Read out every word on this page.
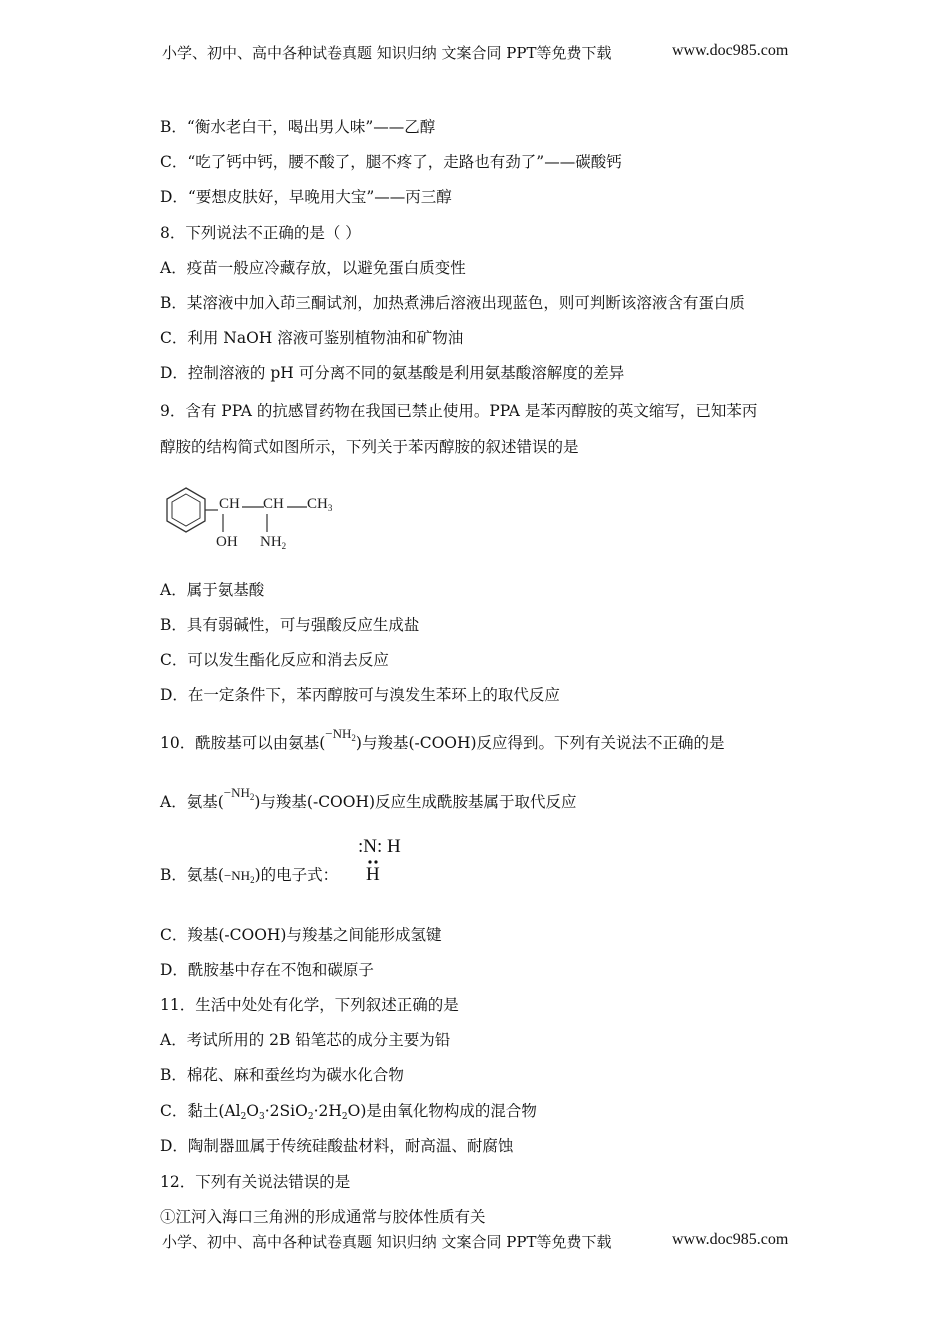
小学、初中、高中各种试卷真题 知识归纳 文案合同 PPT等免费下载	www.doc985.com
B．“衡水老白干，喝出男人味”——乙醇
C．“吃了钙中钙，腰不酸了，腿不疼了，走路也有劲了”——碳酸钙
D．“要想皮肤好，早晚用大宝”——丙三醇
8．下列说法不正确的是（ ）
A．疫苗一般应冷藏存放，以避免蛋白质变性
B．某溶液中加入茚三酮试剂，加热煮沸后溶液出现蓝色，则可判断该溶液含有蛋白质
C．利用 NaOH 溶液可鉴别植物油和矿物油
D．控制溶液的 pH 可分离不同的氨基酸是利用氨基酸溶解度的差异
9．含有 PPA 的抗感冒药物在我国已禁止使用。PPA 是苯丙醇胺的英文缩写，已知苯丙
醇胺的结构简式如图所示，下列关于苯丙醇胺的叙述错误的是
CH CH $CH_3$
OH $NH_2$
A．属于氨基酸
B．具有弱碱性，可与强酸反应生成盐
C．可以发生酯化反应和消去反应
D．在一定条件下，苯丙醇胺可与溴发生苯环上的取代反应
10．酰胺基可以由氨基($^{-NH_2}$)与羧基(-COOH)反应得到。下列有关说法不正确的是
A．氨基($^{-NH_2}$)与羧基(-COOH)反应生成酰胺基属于取代反应
B．氨基$(-NH_2)$的电子式：
:N: H
H
C．羧基(-COOH)与羧基之间能形成氢键
D．酰胺基中存在不饱和碳原子
11．生活中处处有化学，下列叙述正确的是
A．考试所用的 2B 铅笔芯的成分主要为铅
B．棉花、麻和蚕丝均为碳水化合物
C．黏土$(Al_2O_3\cdot 2SiO_2\cdot 2H_2O)$是由氧化物构成的混合物
D．陶制器皿属于传统硅酸盐材料，耐高温、耐腐蚀
12．下列有关说法错误的是
①江河入海口三角洲的形成通常与胶体性质有关
小学、初中、高中各种试卷真题 知识归纳 文案合同 PPT等免费下载	www.doc985.com
